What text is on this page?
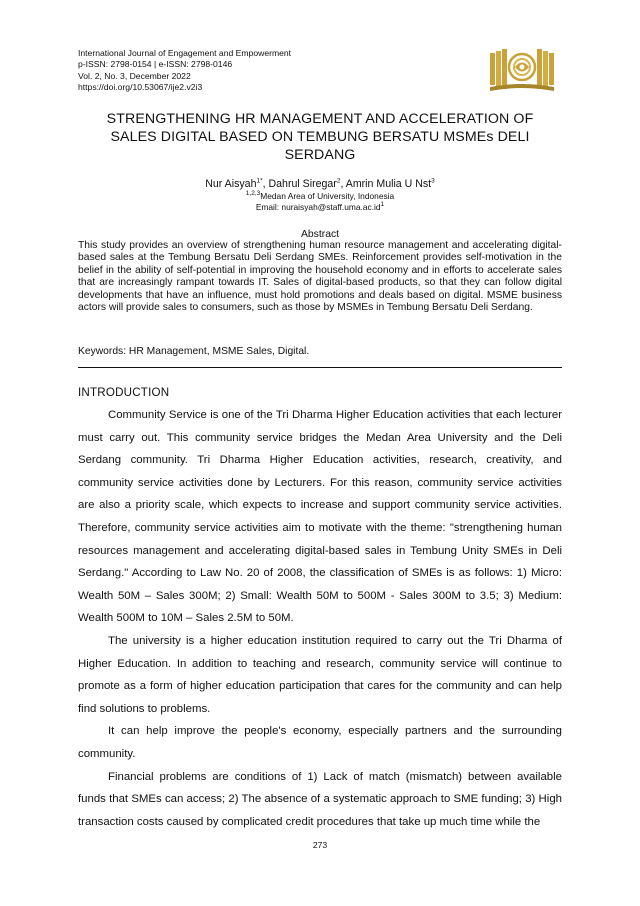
International Journal of Engagement and Empowerment
p-ISSN: 2798-0154 | e-ISSN: 2798-0146
Vol. 2, No. 3, December 2022
https://doi.org/10.53067/ije2.v2i3
STRENGTHENING HR MANAGEMENT AND ACCELERATION OF
SALES DIGITAL BASED ON TEMBUNG BERSATU MSMEs DELI
SERDANG
Nur Aisyah$^{1*}$, Dahrul Siregar$^2$, Amrin Mulia U Nst$^3$
$^{1,2,3}$Medan Area of University, Indonesia
Email: $nuraisyah@staff.uma.ac.id^1$
Abstract
This study provides an overview of strengthening human resource management and accelerating digital-based sales at the Tembung Bersatu Deli Serdang SMEs. Reinforcement provides self-motivation in the belief in the ability of self-potential in improving the household economy and in efforts to accelerate sales that are increasingly rampant towards IT. Sales of digital-based products, so that they can follow digital developments that have an influence, must hold promotions and deals based on digital. MSME business actors will provide sales to consumers, such as those by MSMEs in Tembung Bersatu Deli Serdang.
Keywords: HR Management, MSME Sales, Digital.
INTRODUCTION

Community Service is one of the Tri Dharma Higher Education activities that each lecturer must carry out. This community service bridges the Medan Area University and the Deli Serdang community. Tri Dharma Higher Education activities, research, creativity, and community service activities done by Lecturers. For this reason, community service activities are also a priority scale, which expects to increase and support community service activities. Therefore, community service activities aim to motivate with the theme: "strengthening human resources management and accelerating digital-based sales in Tembung Unity SMEs in Deli Serdang." According to Law No. 20 of 2008, the classification of SMEs is as follows: 1) Micro: Wealth 50M – Sales 300M; 2) Small: Wealth 50M to 500M - Sales 300M to 3.5; 3) Medium: Wealth 500M to 10M – Sales 2.5M to 50M.

The university is a higher education institution required to carry out the Tri Dharma of Higher Education. In addition to teaching and research, community service will continue to promote as a form of higher education participation that cares for the community and can help find solutions to problems.

It can help improve the people's economy, especially partners and the surrounding community.

Financial problems are conditions of 1) Lack of match (mismatch) between available funds that SMEs can access; 2) The absence of a systematic approach to SME funding; 3) High transaction costs caused by complicated credit procedures that take up much time while the

273
